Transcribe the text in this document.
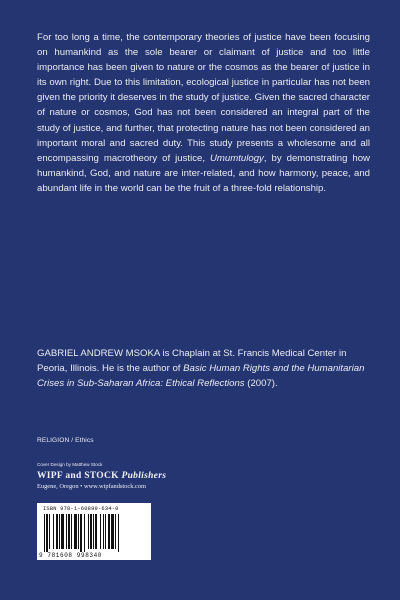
For too long a time, the contemporary theories of justice have been focusing on humankind as the sole bearer or claimant of justice and too little importance has been given to nature or the cosmos as the bearer of justice in its own right. Due to this limitation, ecological justice in particular has not been given the priority it deserves in the study of justice. Given the sacred character of nature or cosmos, God has not been considered an integral part of the study of justice, and further, that protecting nature has not been considered an important moral and sacred duty. This study presents a wholesome and all encompassing macrotheory of justice, Umumtulogy, by demonstrating how humankind, God, and nature are inter-related, and how harmony, peace, and abundant life in the world can be the fruit of a three-fold relationship.

GABRIEL ANDREW MSOKA is Chaplain at St. Francis Medical Center in Peoria, Illinois. He is the author of Basic Human Rights and the Humanitarian Crises in Sub-Saharan Africa: Ethical Reflections (2007).

RELIGION / Ethics
Cover Design by Matthew Stock
WIPF and STOCK Publishers
Eugene, Oregon • www.wipfandstock.com
ISBN 978-1-60899-634-0
9 781608 998340
